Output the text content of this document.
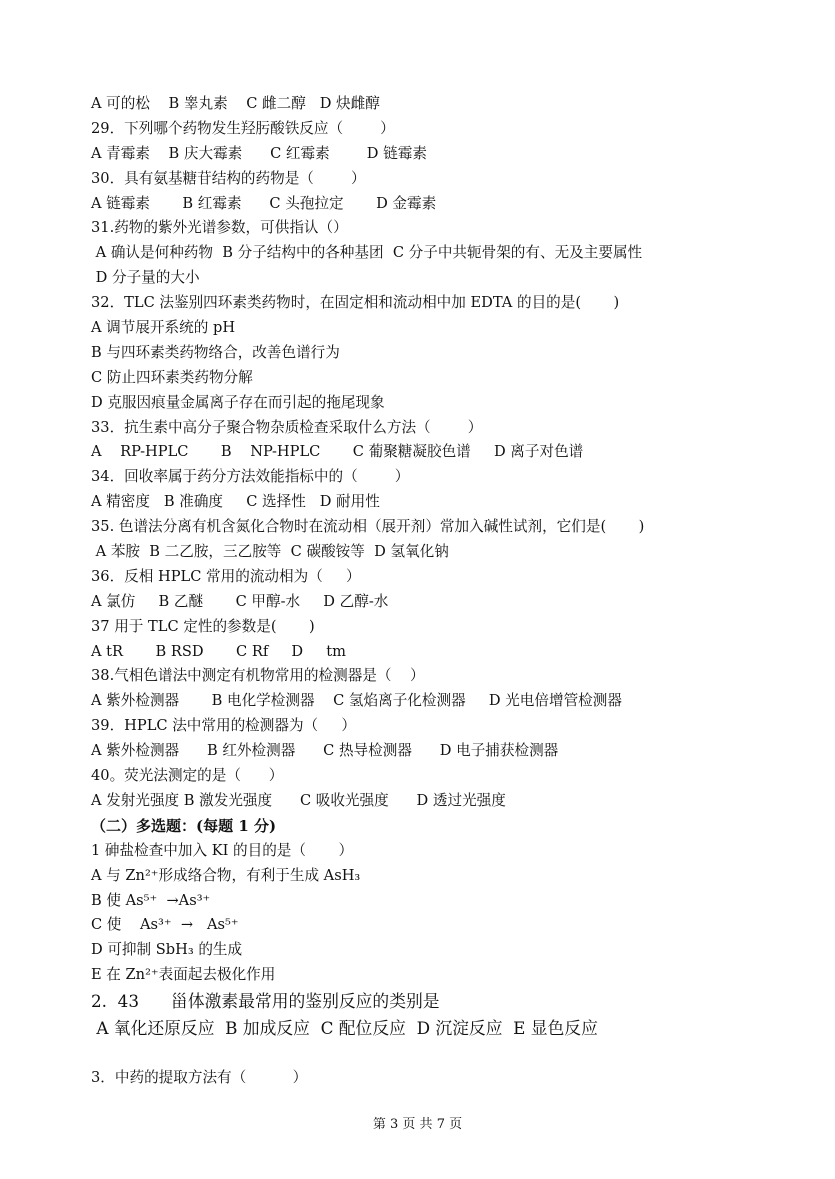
A 可的松    B 睾丸素    C 雌二醇   D 炔雌醇
29．下列哪个药物发生羟肟酸铁反应（        ）
A 青霉素    B 庆大霉素      C 红霉素        D 链霉素
30．具有氨基糖苷结构的药物是（        ）
A 链霉素       B 红霉素      C 头孢拉定       D 金霉素
31.药物的紫外光谱参数，可供指认（）
A 确认是何种药物  B 分子结构中的各种基团  C 分子中共轭骨架的有、无及主要属性
D 分子量的大小
32．TLC 法鉴别四环素类药物时，在固定相和流动相中加 EDTA 的目的是(       )
A 调节展开系统的 pH
B 与四环素类药物络合，改善色谱行为
C 防止四环素类药物分解
D 克服因痕量金属离子存在而引起的拖尾现象
33．抗生素中高分子聚合物杂质检查采取什么方法（        ）
A    RP-HPLC       B    NP-HPLC       C 葡聚糖凝胶色谱     D 离子对色谱
34．回收率属于药分方法效能指标中的（        ）
A 精密度   B 准确度     C 选择性   D 耐用性
35. 色谱法分离有机含氮化合物时在流动相（展开剂）常加入碱性试剂，它们是(       )
A 苯胺  B 二乙胺，三乙胺等  C 碳酸铵等  D 氢氧化钠
36．反相 HPLC 常用的流动相为（     ）
A 氯仿     B 乙醚       C 甲醇-水     D 乙醇-水
37 用于 TLC 定性的参数是(       )
A tR       B RSD       C Rf     D     tm
38.气相色谱法中测定有机物常用的检测器是（    ）
A 紫外检测器       B 电化学检测器    C 氢焰离子化检测器     D 光电倍增管检测器
39．HPLC 法中常用的检测器为（     ）
A 紫外检测器      B 红外检测器      C 热导检测器      D 电子捕获检测器
40。荧光法测定的是（      ）
A 发射光强度 B 激发光强度      C 吸收光强度      D 透过光强度
（二）多选题：(每题 1 分)
1 砷盐检查中加入 KI 的目的是（       ）
A 与 Zn²⁺形成络合物，有利于生成 AsH₃
B 使 As⁵⁺  →As³⁺
C 使    As³⁺  →   As⁵⁺
D 可抑制 SbH₃ 的生成
E 在 Zn²⁺表面起去极化作用
2.  43      甾体激素最常用的鉴别反应的类别是
A 氧化还原反应  B 加成反应  C 配位反应  D 沉淀反应  E 显色反应
3．中药的提取方法有（          ）
第 3 页 共 7 页
